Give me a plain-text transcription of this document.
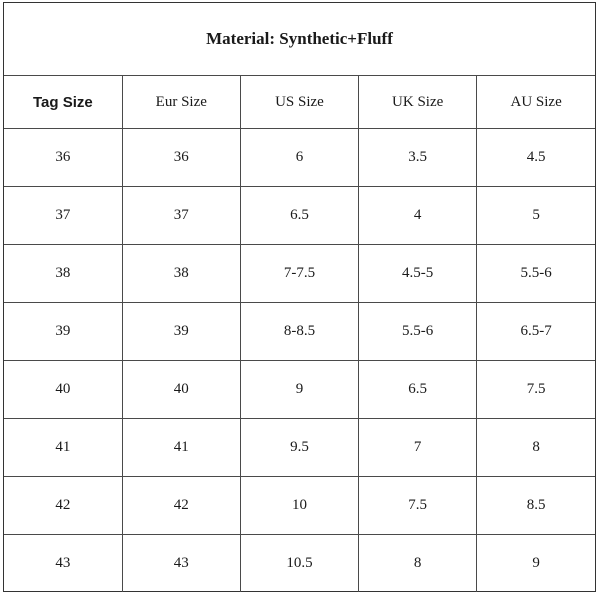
Material: Synthetic+Fluff				
Tag Size	Eur Size	US Size	UK Size	AU Size
36	36	6	3.5	4.5
37	37	6.5	4	5
38	38	7-7.5	4.5-5	5.5-6
39	39	8-8.5	5.5-6	6.5-7
40	40	9	6.5	7.5
41	41	9.5	7	8
42	42	10	7.5	8.5
43	43	10.5	8	9
